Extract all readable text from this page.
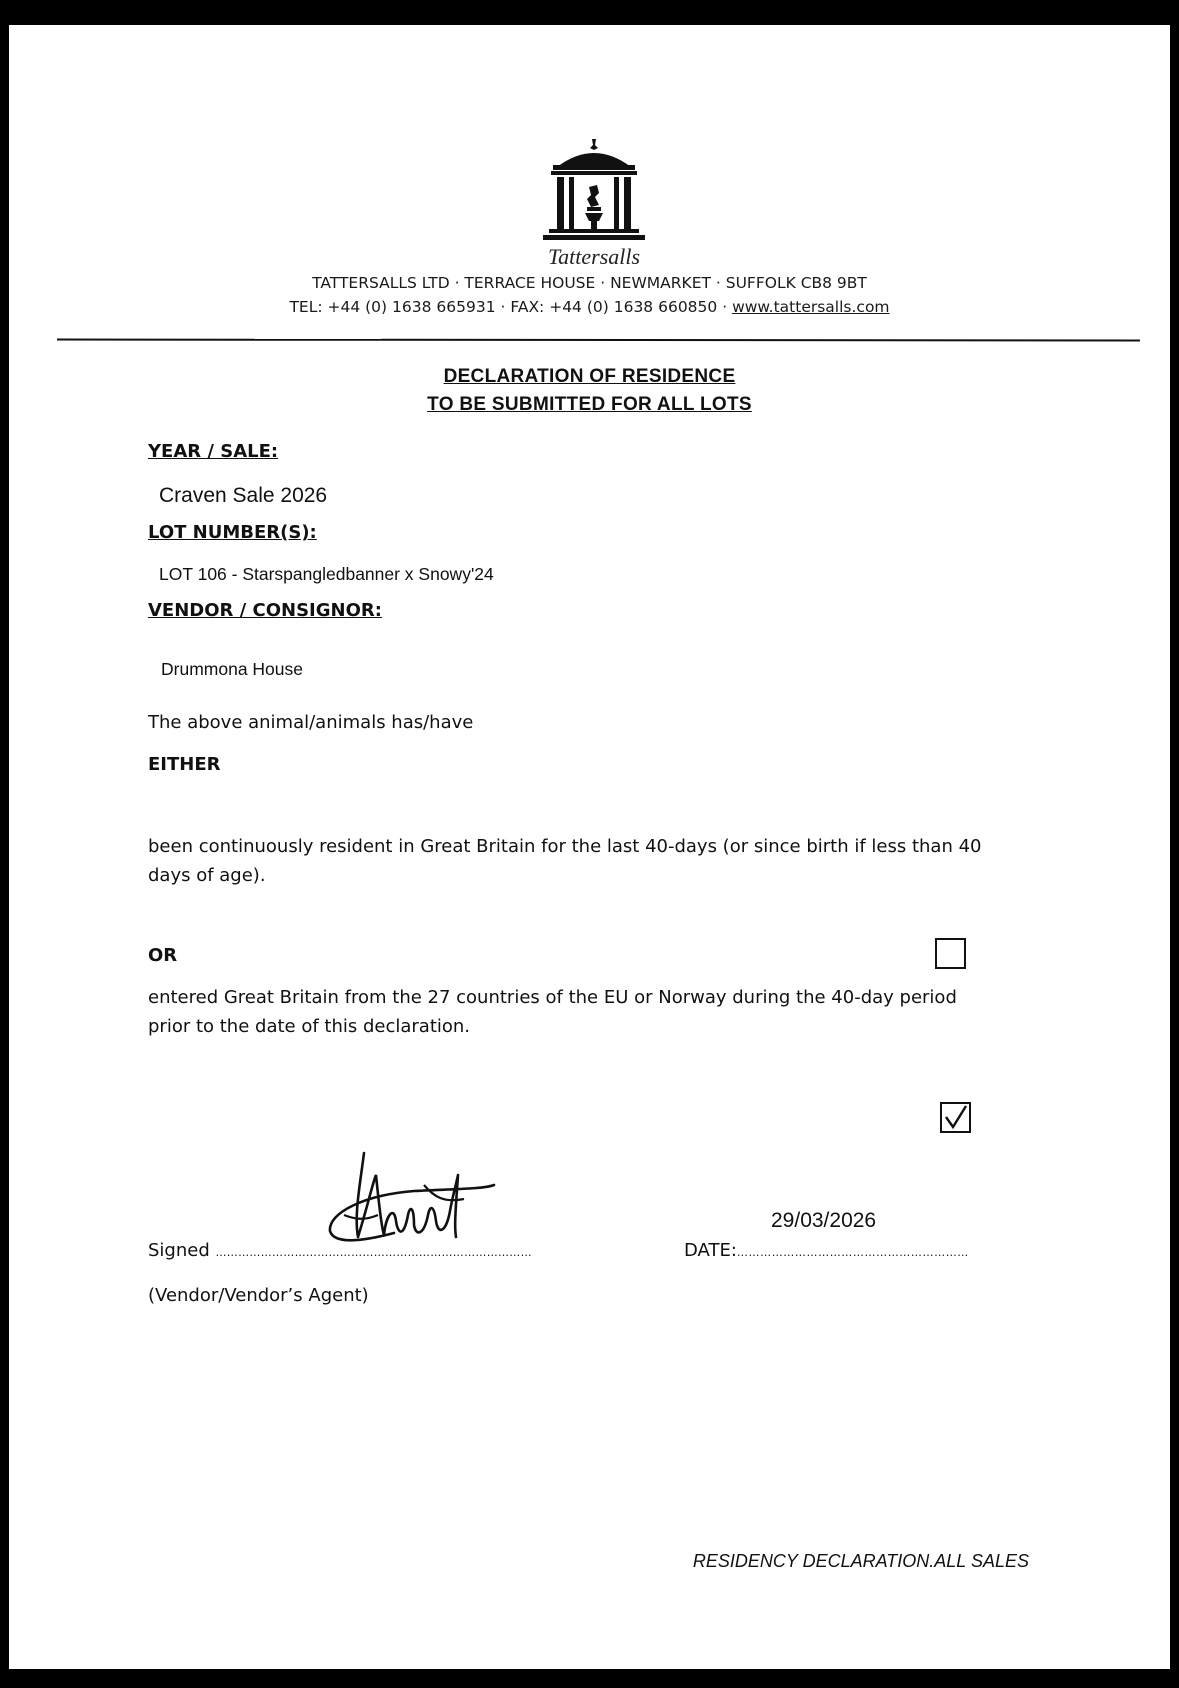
Tattersalls
TATTERSALLS LTD · TERRACE HOUSE · NEWMARKET · SUFFOLK CB8 9BT
TEL: +44 (0) 1638 665931 · FAX: +44 (0) 1638 660850 · www.tattersalls.com
DECLARATION OF RESIDENCE
TO BE SUBMITTED FOR ALL LOTS
YEAR / SALE:
Craven Sale 2026
LOT NUMBER(S):
LOT 106 - Starspangledbanner x Snowy'24
VENDOR / CONSIGNOR:
Drummona House
The above animal/animals has/have
EITHER
been continuously resident in Great Britain for the last 40-days (or since birth if less than 40
days of age).
OR
entered Great Britain from the 27 countries of the EU or Norway during the 40-day period
prior to the date of this declaration.
Signed …………………………………………………………………………
29/03/2026
DATE:……………………………………………………
(Vendor/Vendor’s Agent)
RESIDENCY DECLARATION.ALL SALES
